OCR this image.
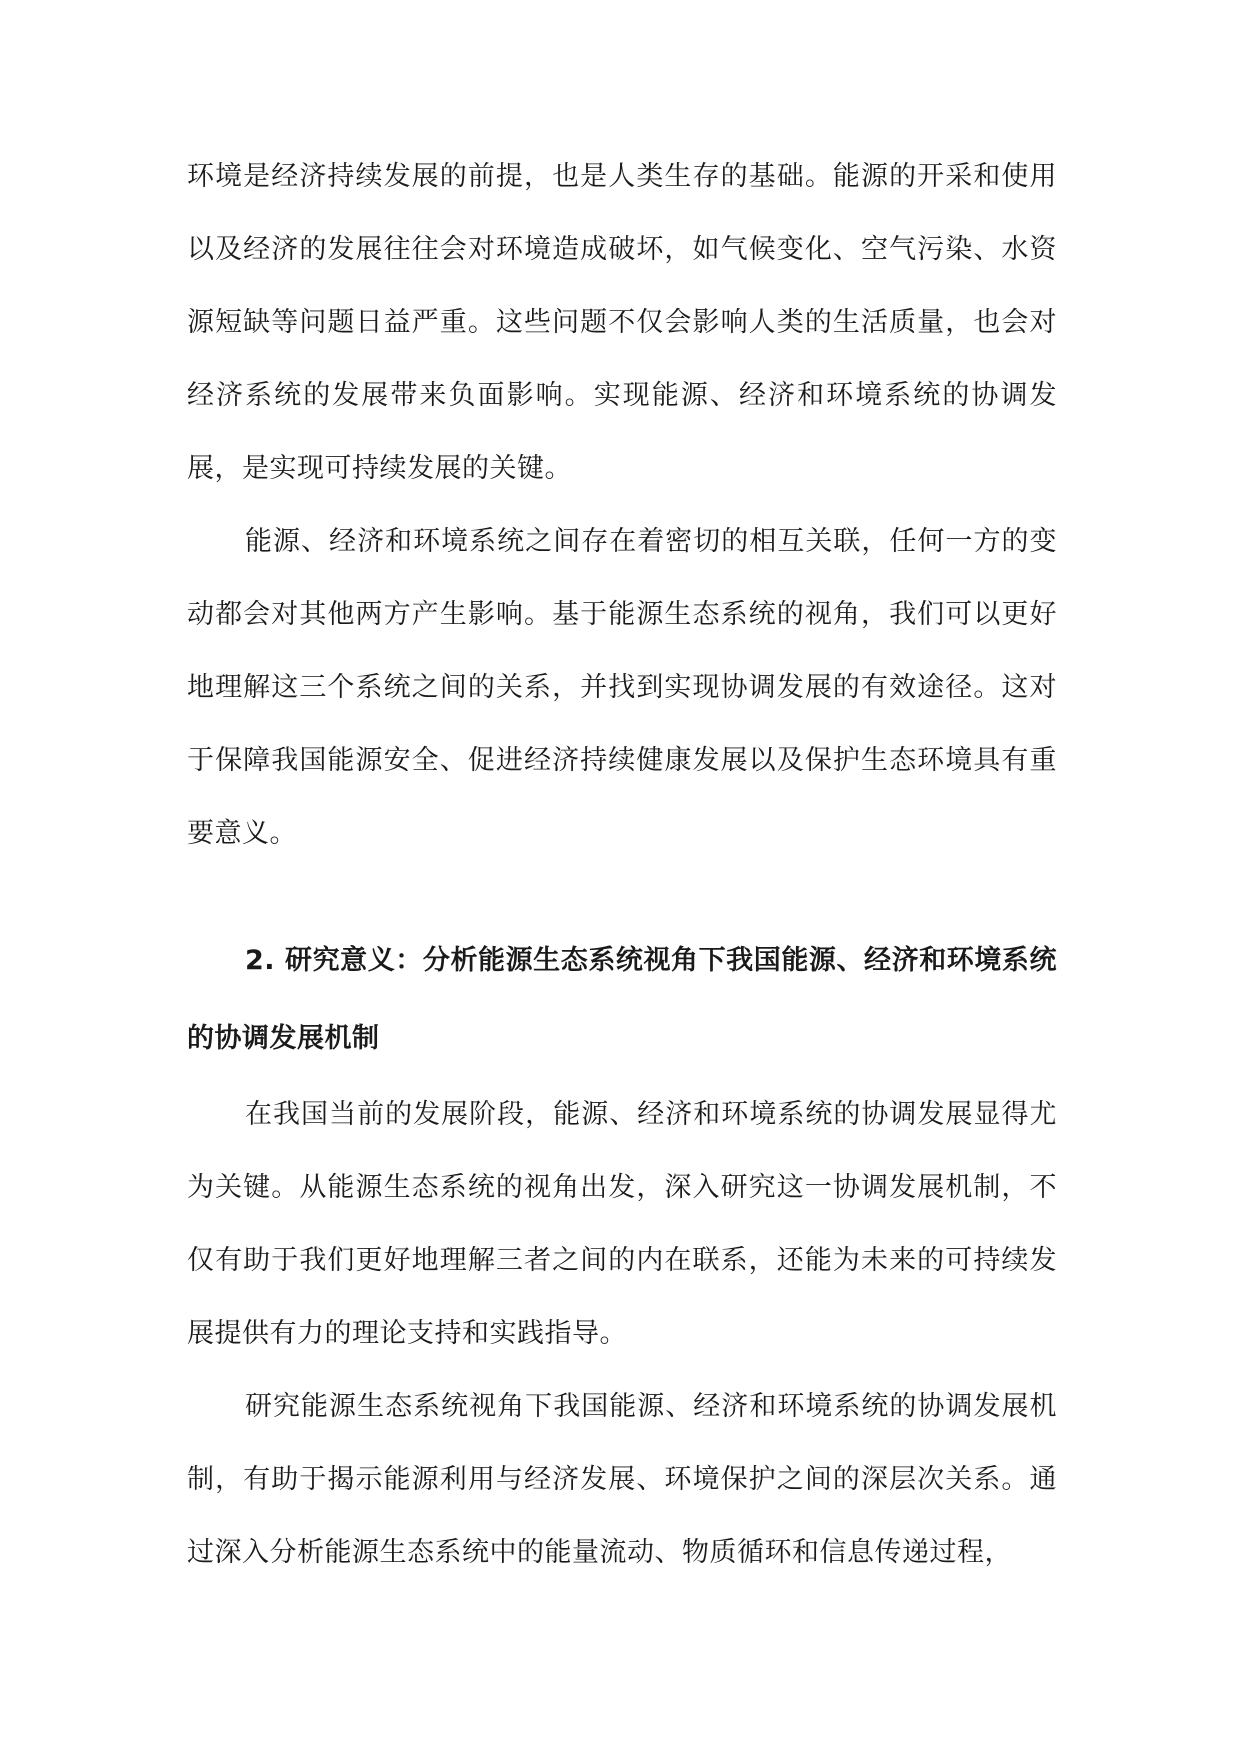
环境是经济持续发展的前提，也是人类生存的基础。能源的开采和使用以及经济的发展往往会对环境造成破坏，如气候变化、空气污染、水资源短缺等问题日益严重。这些问题不仅会影响人类的生活质量，也会对经济系统的发展带来负面影响。实现能源、经济和环境系统的协调发展，是实现可持续发展的关键。

能源、经济和环境系统之间存在着密切的相互关联，任何一方的变动都会对其他两方产生影响。基于能源生态系统的视角，我们可以更好地理解这三个系统之间的关系，并找到实现协调发展的有效途径。这对于保障我国能源安全、促进经济持续健康发展以及保护生态环境具有重要意义。

2. 研究意义：分析能源生态系统视角下我国能源、经济和环境系统的协调发展机制

在我国当前的发展阶段，能源、经济和环境系统的协调发展显得尤为关键。从能源生态系统的视角出发，深入研究这一协调发展机制，不仅有助于我们更好地理解三者之间的内在联系，还能为未来的可持续发展提供有力的理论支持和实践指导。

研究能源生态系统视角下我国能源、经济和环境系统的协调发展机制，有助于揭示能源利用与经济发展、环境保护之间的深层次关系。通过深入分析能源生态系统中的能量流动、物质循环和信息传递过程，
